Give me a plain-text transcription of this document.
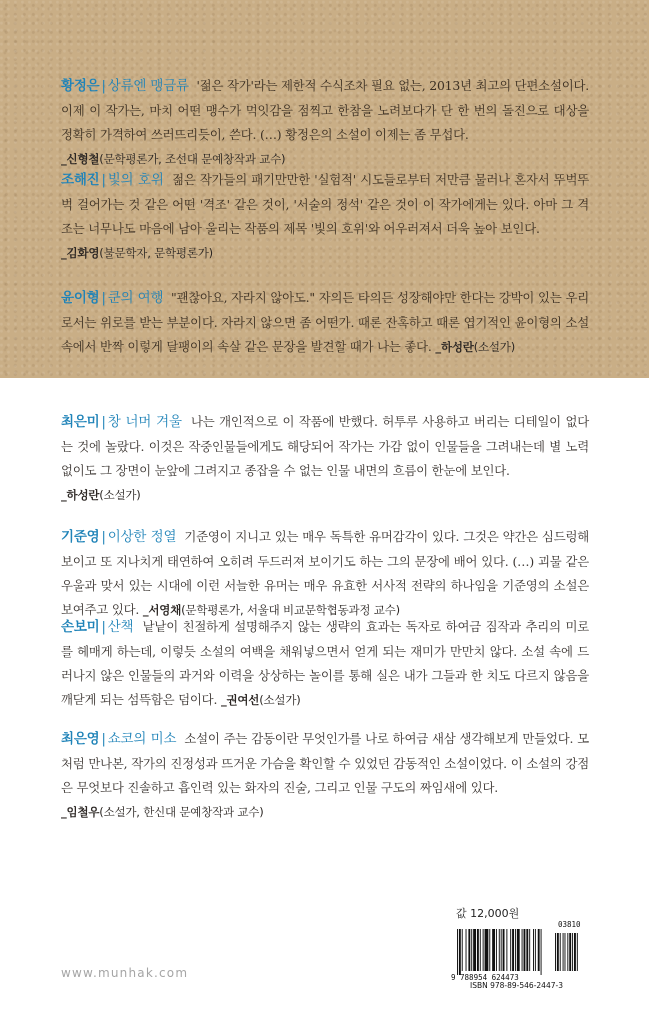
황정은 | 상류엔 맹금류 '젊은 작가'라는 제한적 수식조차 필요 없는, 2013년 최고의 단편소설이다. 이제 이 작가는, 마치 어떤 맹수가 먹잇감을 점찍고 한참을 노려보다가 단 한 번의 돌진으로 대상을 정확히 가격하여 쓰러뜨리듯이, 쓴다. (…) 황정은의 소설이 이제는 좀 무섭다.
_신형철(문학평론가, 조선대 문예창작과 교수)
조해진 | 빛의 호위 젊은 작가들의 패기만만한 '실험적' 시도들로부터 저만큼 물러나 혼자서 뚜벅뚜벅 걸어가는 것 같은 어떤 '격조' 같은 것이, '서술의 정석' 같은 것이 이 작가에게는 있다. 아마 그 격조는 너무나도 마음에 남아 울리는 작품의 제목 '빛의 호위'와 어우러져서 더욱 높아 보인다.
_김화영(불문학자, 문학평론가)
윤이형 | 쿤의 여행 "괜찮아요, 자라지 않아도." 자의든 타의든 성장해야만 한다는 강박이 있는 우리로서는 위로를 받는 부분이다. 자라지 않으면 좀 어떤가. 때론 잔혹하고 때론 엽기적인 윤이형의 소설 속에서 반짝 이렇게 달팽이의 속살 같은 문장을 발견할 때가 나는 좋다. _하성란(소설가)
최은미 | 창 너머 겨울 나는 개인적으로 이 작품에 반했다. 허투루 사용하고 버리는 디테일이 없다는 것에 놀랐다. 이것은 작중인물들에게도 해당되어 작가는 가감 없이 인물들을 그려내는데 별 노력 없이도 그 장면이 눈앞에 그려지고 종잡을 수 없는 인물 내면의 흐름이 한눈에 보인다.
_하성란(소설가)
기준영 | 이상한 정열 기준영이 지니고 있는 매우 독특한 유머감각이 있다. 그것은 약간은 심드렁해 보이고 또 지나치게 태연하여 오히려 두드러져 보이기도 하는 그의 문장에 배어 있다. (…) 괴물 같은 우울과 맞서 있는 시대에 이런 서늘한 유머는 매우 유효한 서사적 전략의 하나임을 기준영의 소설은 보여주고 있다. _서영채(문학평론가, 서울대 비교문학협동과정 교수)
손보미 | 산책 낱낱이 친절하게 설명해주지 않는 생략의 효과는 독자로 하여금 짐작과 추리의 미로를 헤매게 하는데, 이렇듯 소설의 여백을 채워넣으면서 얻게 되는 재미가 만만치 않다. 소설 속에 드러나지 않은 인물들의 과거와 이력을 상상하는 놀이를 통해 실은 내가 그들과 한 치도 다르지 않음을 깨닫게 되는 섬뜩함은 덤이다. _권여선(소설가)
최은영 | 쇼코의 미소 소설이 주는 감동이란 무엇인가를 나로 하여금 새삼 생각해보게 만들었다. 모처럼 만나본, 작가의 진정성과 뜨거운 가슴을 확인할 수 있었던 감동적인 소설이었다. 이 소설의 강점은 무엇보다 진솔하고 흡인력 있는 화자의 진술, 그리고 인물 구도의 짜임새에 있다.
_임철우(소설가, 한신대 문예창작과 교수)
값 12,000원
03810
9 788954 624473
ISBN 978-89-546-2447-3
www.munhak.com
